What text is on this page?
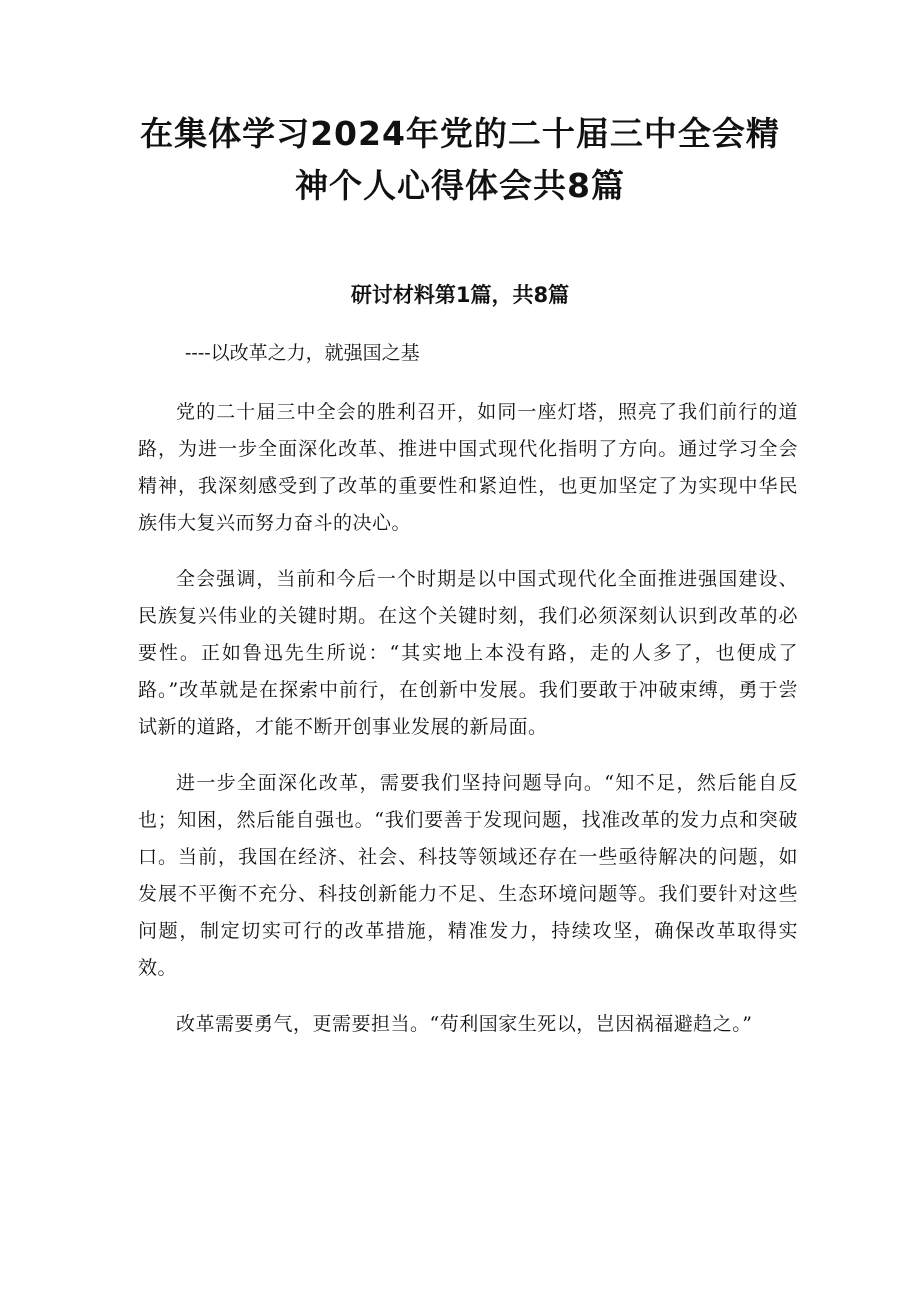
在集体学习2024年党的二十届三中全会精
神个人心得体会共8篇
研讨材料第1篇，共8篇

----以改革之力，就强国之基

党的二十届三中全会的胜利召开，如同一座灯塔，照亮了我们前行的道路，为进一步全面深化改革、推进中国式现代化指明了方向。通过学习全会精神，我深刻感受到了改革的重要性和紧迫性，也更加坚定了为实现中华民族伟大复兴而努力奋斗的决心。

全会强调，当前和今后一个时期是以中国式现代化全面推进强国建设、民族复兴伟业的关键时期。在这个关键时刻，我们必须深刻认识到改革的必要性。正如鲁迅先生所说：“其实地上本没有路，走的人多了，也便成了路。”改革就是在探索中前行，在创新中发展。我们要敢于冲破束缚，勇于尝试新的道路，才能不断开创事业发展的新局面。

进一步全面深化改革，需要我们坚持问题导向。“知不足，然后能自反也；知困，然后能自强也。“我们要善于发现问题，找准改革的发力点和突破口。当前，我国在经济、社会、科技等领域还存在一些亟待解决的问题，如发展不平衡不充分、科技创新能力不足、生态环境问题等。我们要针对这些问题，制定切实可行的改革措施，精准发力，持续攻坚，确保改革取得实效。

改革需要勇气，更需要担当。“苟利国家生死以，岂因祸福避趋之。”
